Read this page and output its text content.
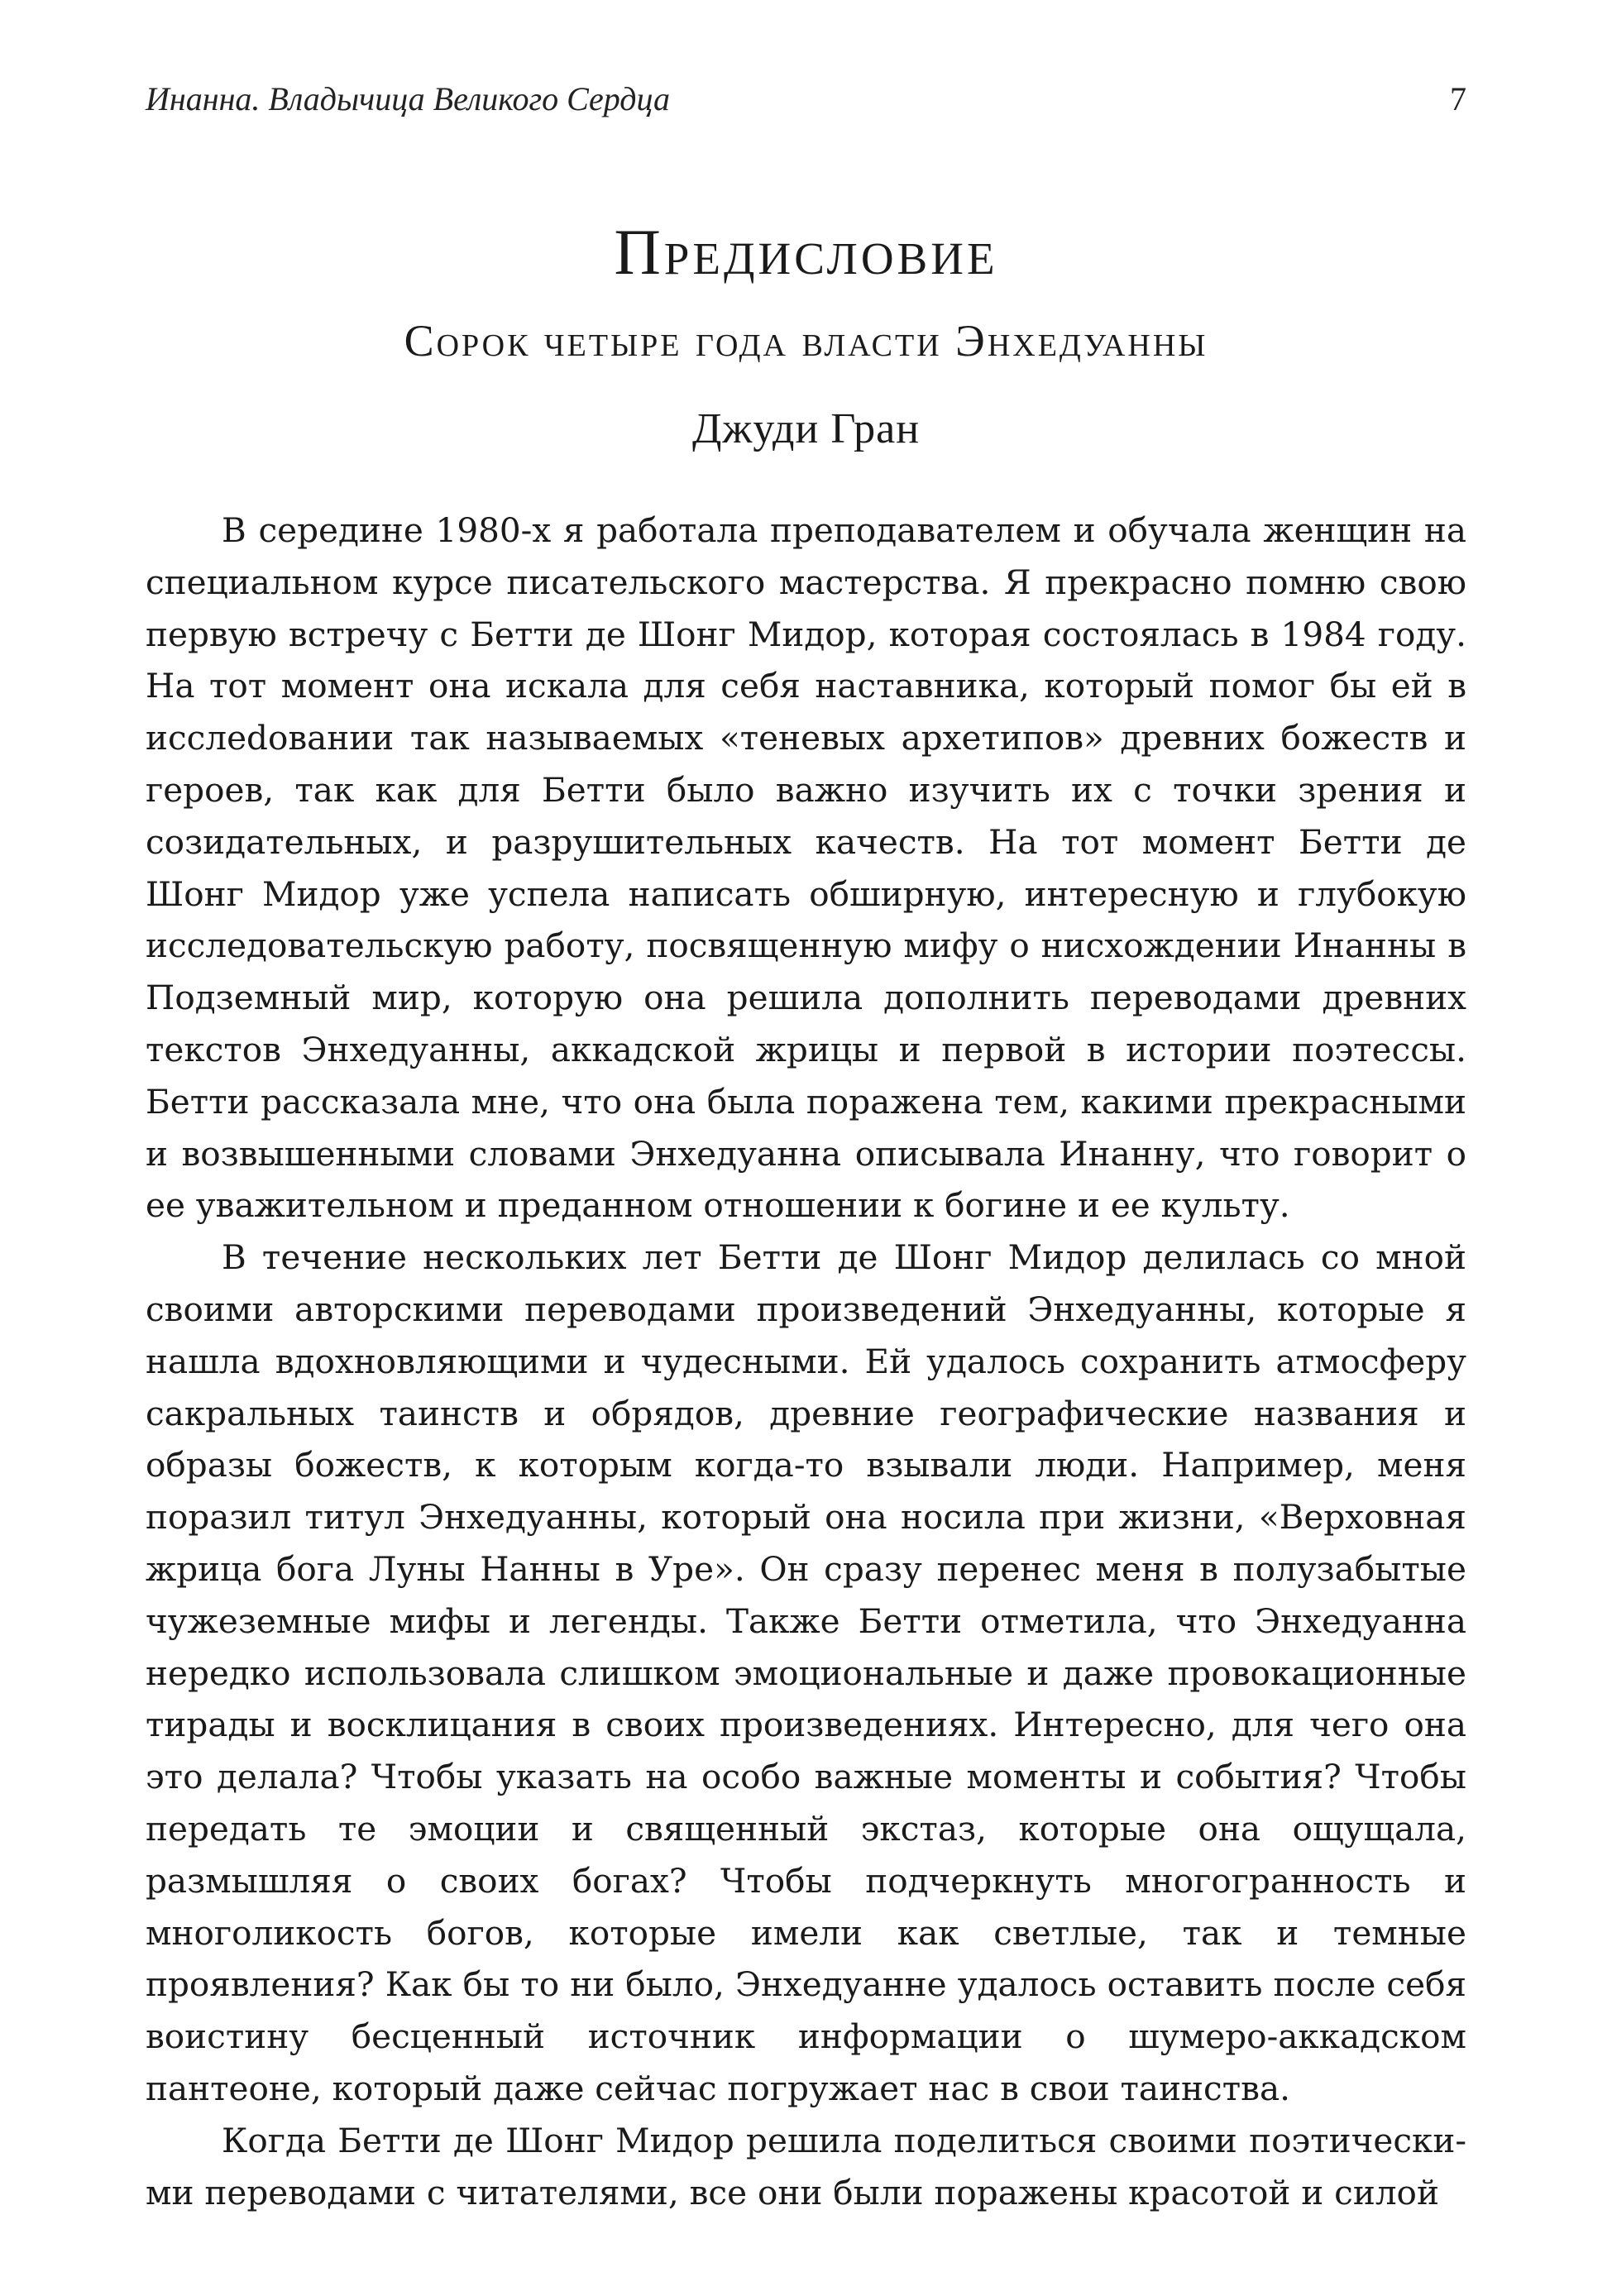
Инанна. Владычица Великого Сердца	7
Предисловие
Сорок четыре года власти Энхедуанны
Джуди Гран

В середине 1980-х я работала преподавателем и обучала женщин на специальном курсе писательского мастерства. Я прекрасно помню свою первую встречу с Бетти де Шонг Мидор, которая состоялась в 1984 году. На тот момент она искала для себя наставника, который помог бы ей в исслеdовании так называемых «теневых архетипов» древних божеств и героев, так как для Бетти было важно изучить их с точки зрения и созидательных, и разрушительных качеств. На тот момент Бетти де Шонг Мидор уже успела написать обширную, интересную и глубокую исследовательскую работу, посвященную мифу о нисхождении Инанны в Подземный мир, которую она решила дополнить переводами древних текстов Энхедуанны, аккадской жрицы и первой в истории поэтессы. Бетти рассказала мне, что она была поражена тем, какими прекрасными и возвышенными словами Энхедуанна описывала Инанну, что говорит о ее уважительном и преданном отношении к богине и ее культу.

В течение нескольких лет Бетти де Шонг Мидор делилась со мной своими авторскими переводами произведений Энхедуанны, которые я нашла вдохновляющими и чудесными. Ей удалось сохранить атмосферу сакральных таинств и обрядов, древние географические названия и образы божеств, к которым когда-то взывали люди. Например, меня поразил титул Энхедуанны, который она носила при жизни, «Верховная жрица бога Луны Нанны в Уре». Он сразу перенес меня в полузабытые чужеземные мифы и легенды. Также Бетти отметила, что Энхедуанна нередко использовала слишком эмоциональные и даже провокационные тирады и восклицания в своих произведениях. Интересно, для чего она это делала? Чтобы указать на особо важные моменты и события? Чтобы передать те эмоции и священный экстаз, которые она ощущала, размышляя о своих богах? Чтобы подчеркнуть многогранность и многоликость богов, которые имели как светлые, так и темные проявления? Как бы то ни было, Энхедуанне удалось оставить после себя воистину бесценный источник информации о шумеро-аккадском пантеоне, который даже сейчас погружает нас в свои таинства.

Когда Бетти де Шонг Мидор решила поделиться своими поэтическими переводами с читателями, все они были поражены красотой и силой
